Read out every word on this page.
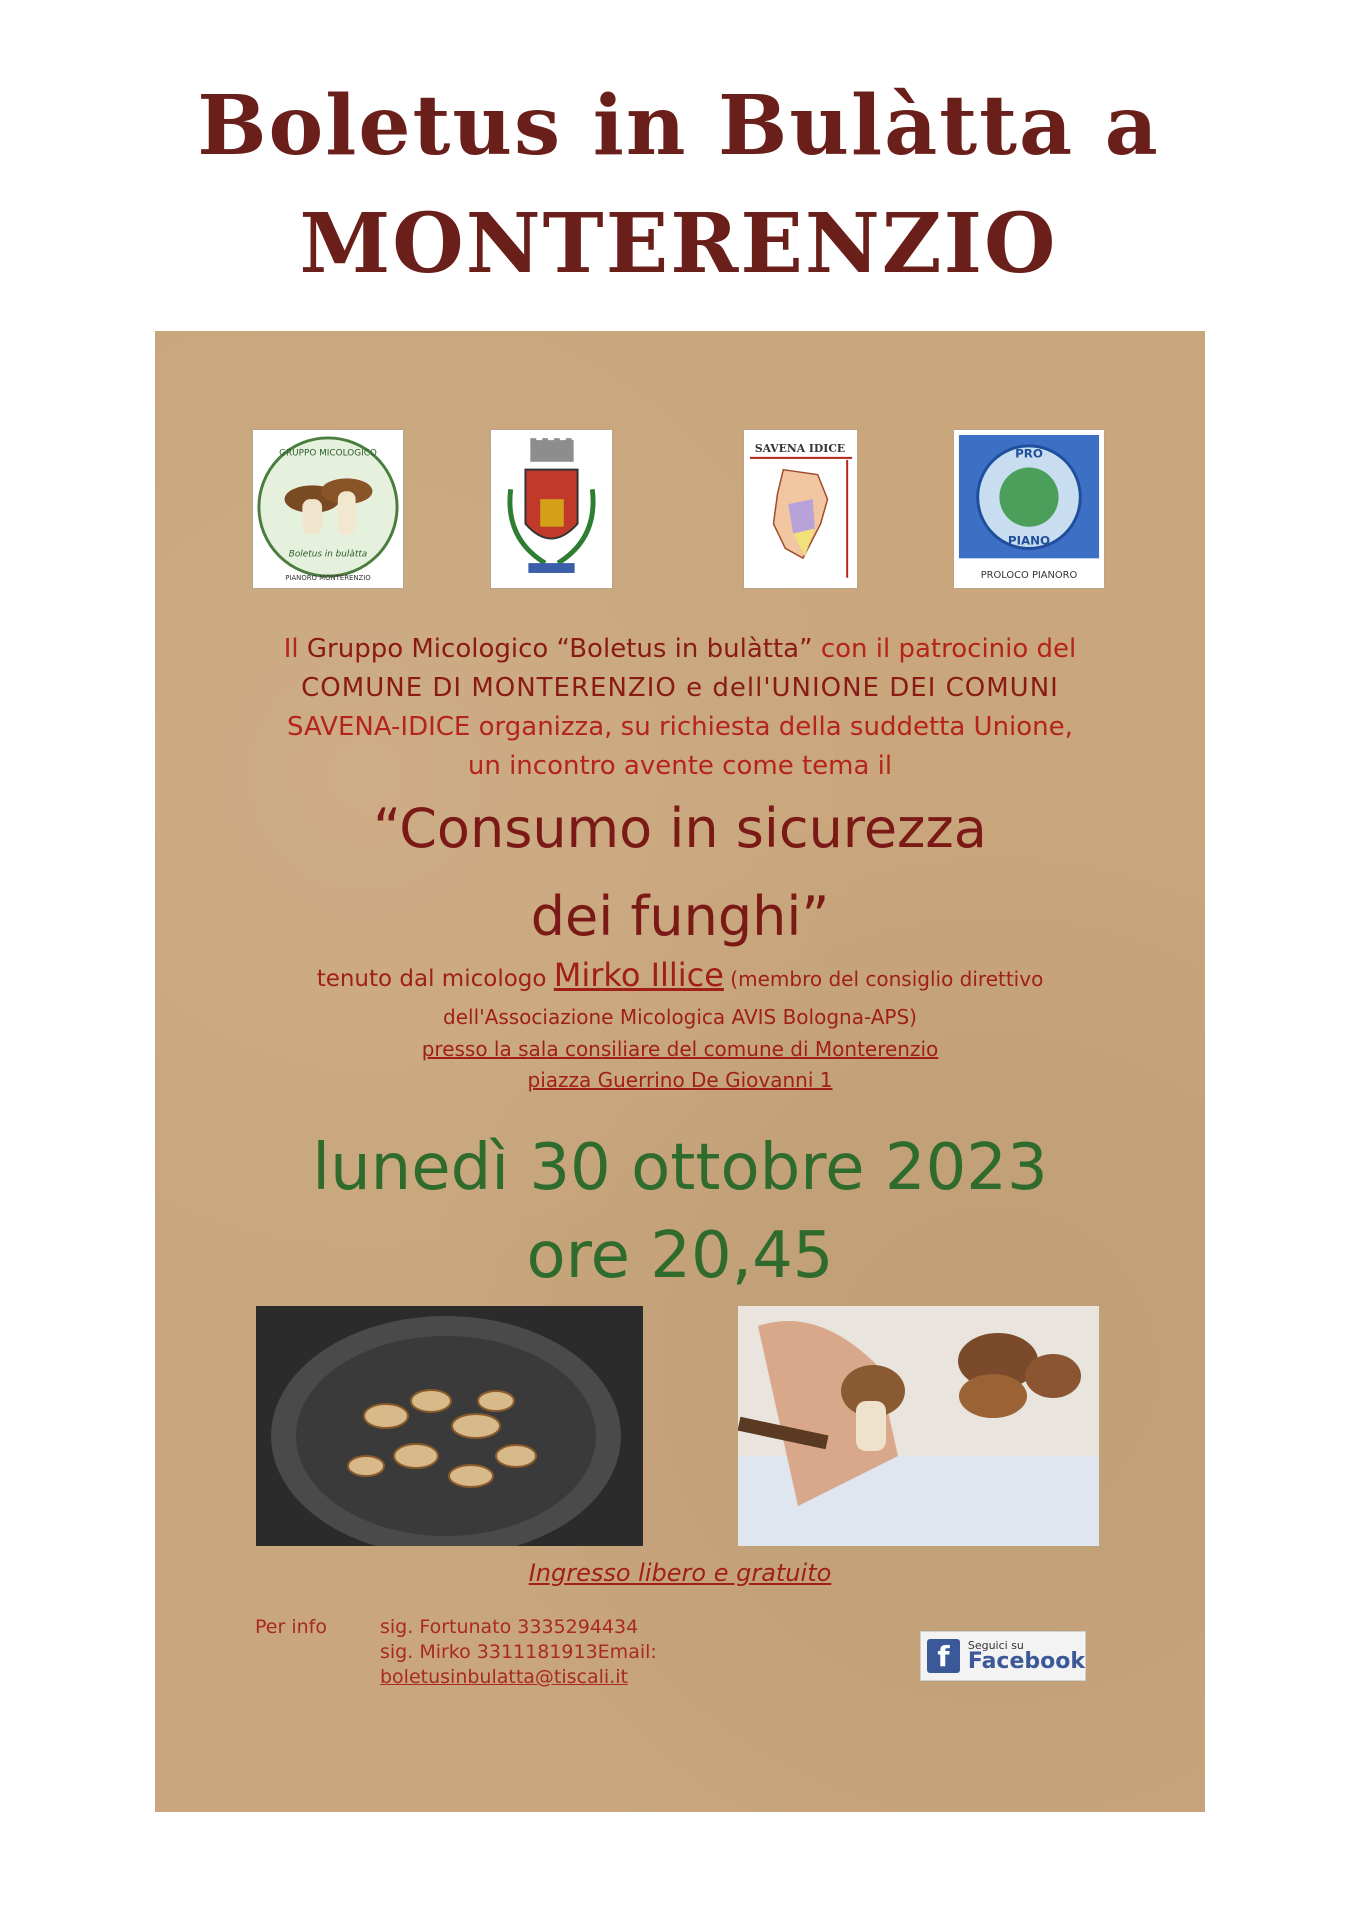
Boletus in Bulàtta a
MONTERENZIO
GRUPPO MICOLOGICO
Boletus in bulàtta
PIANORO MONTERENZIO
SAVENA IDICE	PRO
PIANO
PROLOCO PIANORO
Il Gruppo Micologico “Boletus in bulàtta” con il patrocinio del
COMUNE DI MONTERENZIO e dell'UNIONE DEI COMUNI
SAVENA-IDICE organizza, su richiesta della suddetta Unione,
un incontro avente come tema il
“Consumo in sicurezza
dei funghi”
tenuto dal micologo Mirko Illice (membro del consiglio direttivo
dell'Associazione Micologica AVIS Bologna-APS)
presso la sala consiliare del comune di Monterenzio
piazza Guerrino De Giovanni 1
lunedì 30 ottobre 2023
ore 20,45
Ingresso libero e gratuito
Per info	sig. Fortunato 3335294434
sig. Mirko 3311181913Email:
boletusinbulatta@tiscali.it
f	Seguici su
Facebook
